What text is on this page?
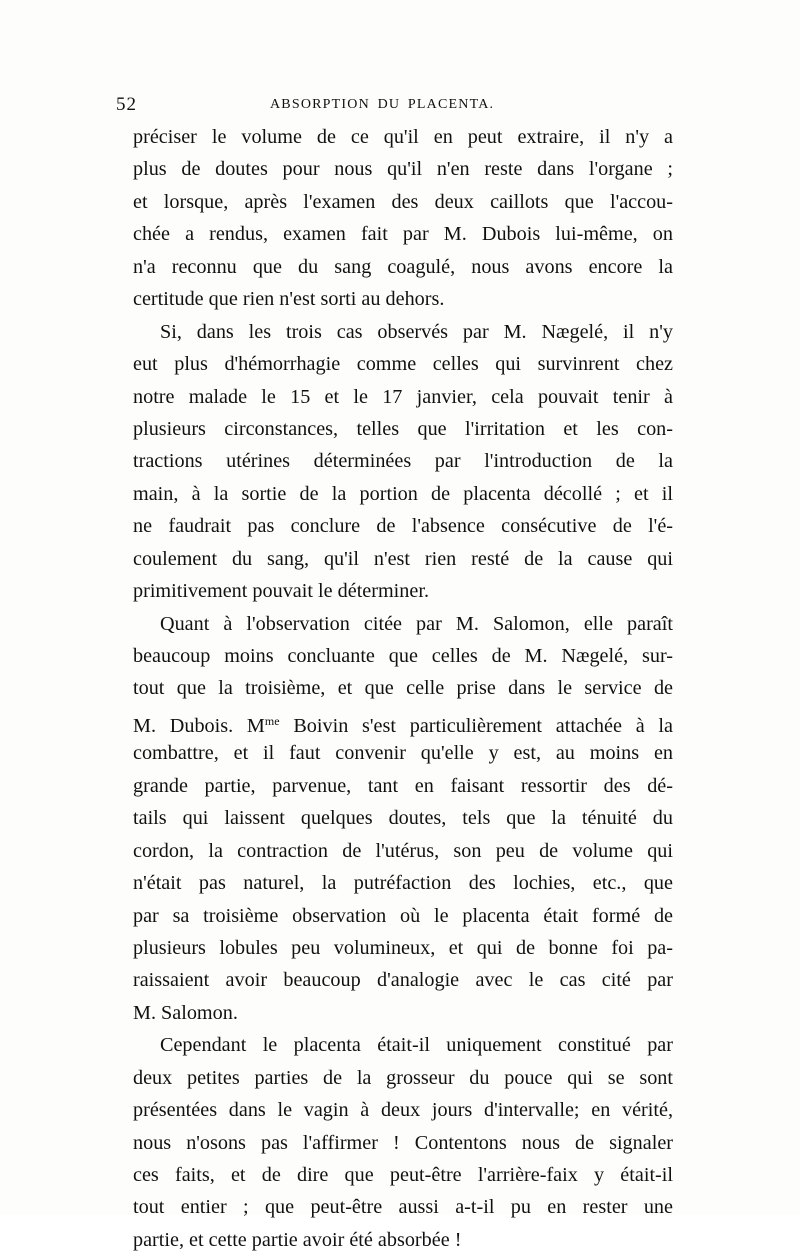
52	ABSORPTION DU PLACENTA.
préciser le volume de ce qu'il en peut extraire, il n'y a
plus de doutes pour nous qu'il n'en reste dans l'organe ;
et lorsque, après l'examen des deux caillots que l'accou-
chée a rendus, examen fait par M. Dubois lui-même, on
n'a reconnu que du sang coagulé, nous avons encore la
certitude que rien n'est sorti au dehors.
Si, dans les trois cas observés par M. Nægelé, il n'y
eut plus d'hémorrhagie comme celles qui survinrent chez
notre malade le 15 et le 17 janvier, cela pouvait tenir à
plusieurs circonstances, telles que l'irritation et les con-
tractions utérines déterminées par l'introduction de la
main, à la sortie de la portion de placenta décollé ; et il
ne faudrait pas conclure de l'absence consécutive de l'é-
coulement du sang, qu'il n'est rien resté de la cause qui
primitivement pouvait le déterminer.
Quant à l'observation citée par M. Salomon, elle paraît
beaucoup moins concluante que celles de M. Nægelé, sur-
tout que la troisième, et que celle prise dans le service de
M. Dubois. $M^{me}$ Boivin s'est particulièrement attachée à la
combattre, et il faut convenir qu'elle y est, au moins en
grande partie, parvenue, tant en faisant ressortir des dé-
tails qui laissent quelques doutes, tels que la ténuité du
cordon, la contraction de l'utérus, son peu de volume qui
n'était pas naturel, la putréfaction des lochies, etc., que
par sa troisième observation où le placenta était formé de
plusieurs lobules peu volumineux, et qui de bonne foi pa-
raissaient avoir beaucoup d'analogie avec le cas cité par
M. Salomon.
Cependant le placenta était-il uniquement constitué par
deux petites parties de la grosseur du pouce qui se sont
présentées dans le vagin à deux jours d'intervalle; en vérité,
nous n'osons pas l'affirmer ! Contentons nous de signaler
ces faits, et de dire que peut-être l'arrière-faix y était-il
tout entier ; que peut-être aussi a-t-il pu en rester une
partie, et cette partie avoir été absorbée !
